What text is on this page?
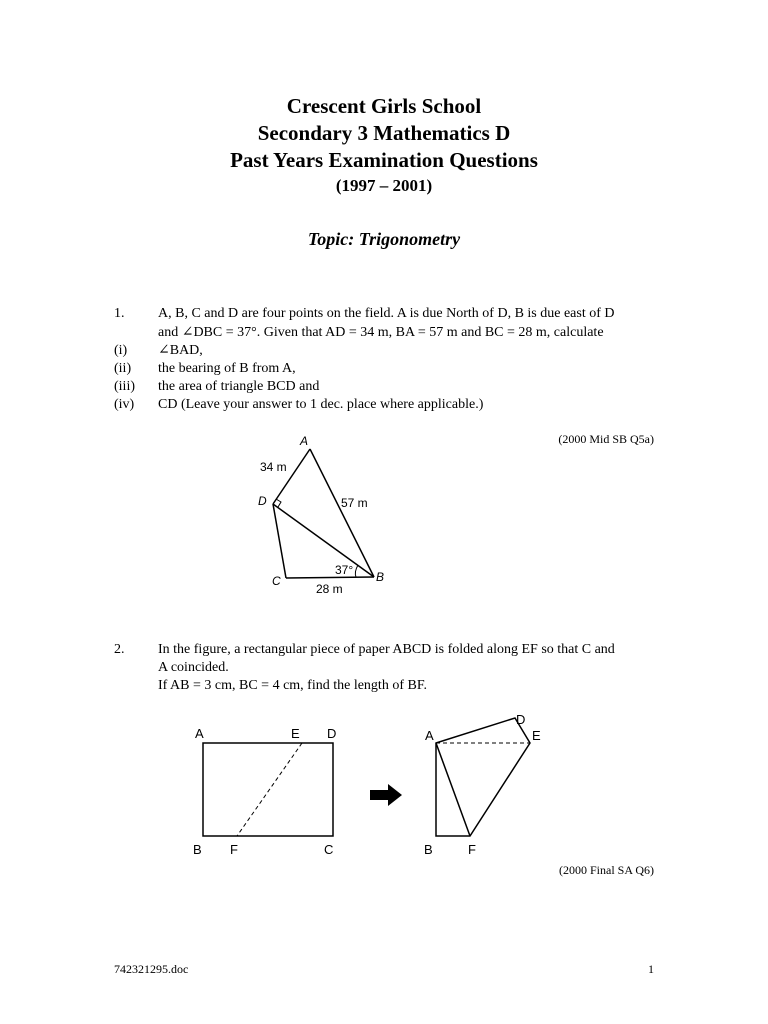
Crescent Girls School
Secondary 3 Mathematics D
Past Years Examination Questions
(1997 – 2001)
Topic: Trigonometry
1. A, B, C and D are four points on the field. A is due North of D, B is due east of D
and ∠DBC = 37°. Given that AD = 34 m, BA = 57 m and BC = 28 m, calculate
(i) ∠BAD,
(ii) the bearing of B from A,
(iii) the area of triangle BCD and
(iv) CD (Leave your answer to 1 dec. place where applicable.)
(2000 Mid SB Q5a)
A
D
C	B
34 m
57 m
28 m
37°
2. In the figure, a rectangular piece of paper ABCD is folded along EF so that C and
A coincided.
If AB = 3 cm, BC = 4 cm, find the length of BF.
A	E D
B F	C
A
D
E
B	F
(2000 Final SA Q6)
742321295.doc	1
